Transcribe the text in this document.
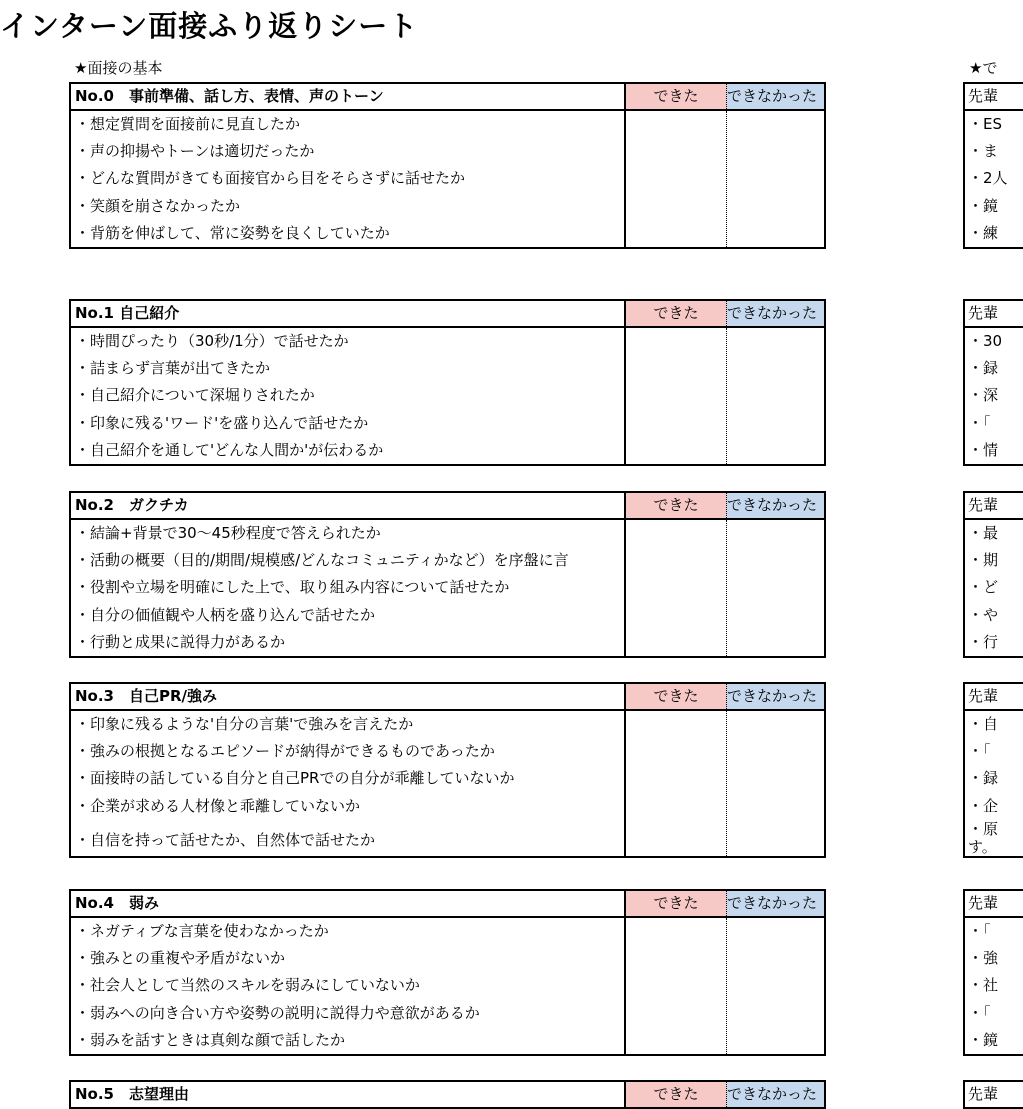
インターン面接ふり返りシート
★面接の基本	★で
No.0　事前準備、話し方、表情、声のトーン	できた	できなかった
・想定質問を面接前に見直したか
・声の抑揚やトーンは適切だったか
・どんな質問がきても面接官から目をそらさずに話せたか
・笑顔を崩さなかったか
・背筋を伸ばして、常に姿勢を良くしていたか
No.1 自己紹介	できた	できなかった
・時間ぴったり（30秒/1分）で話せたか
・詰まらず言葉が出てきたか
・自己紹介について深堀りされたか
・印象に残る'ワード'を盛り込んで話せたか
・自己紹介を通して'どんな人間か'が伝わるか
No.2　ガクチカ	できた	できなかった
・結論+背景で30〜45秒程度で答えられたか
・活動の概要（目的/期間/規模感/どんなコミュニティかなど）を序盤に言
・役割や立場を明確にした上で、取り組み内容について話せたか
・自分の価値観や人柄を盛り込んで話せたか
・行動と成果に説得力があるか
No.3　自己PR/強み	できた	できなかった
・印象に残るような'自分の言葉'で強みを言えたか
・強みの根拠となるエピソードが納得ができるものであったか
・面接時の話している自分と自己PRでの自分が乖離していないか
・企業が求める人材像と乖離していないか
・自信を持って話せたか、自然体で話せたか
No.4　弱み	できた	できなかった
・ネガティブな言葉を使わなかったか
・強みとの重複や矛盾がないか
・社会人として当然のスキルを弱みにしていないか
・弱みへの向き合い方や姿勢の説明に説得力や意欲があるか
・弱みを話すときは真剣な顔で話したか
No.5　志望理由	できた	できなかった
先輩
・ES
・ま
・2人
・鏡
・練
先輩
・30
・録
・深
・「
・情
先輩
・最
・期
・ど
・や
・行
先輩
・自
・「
・録
・企
・原
す。
先輩
・「
・強
・社
・「
・鏡
先輩
